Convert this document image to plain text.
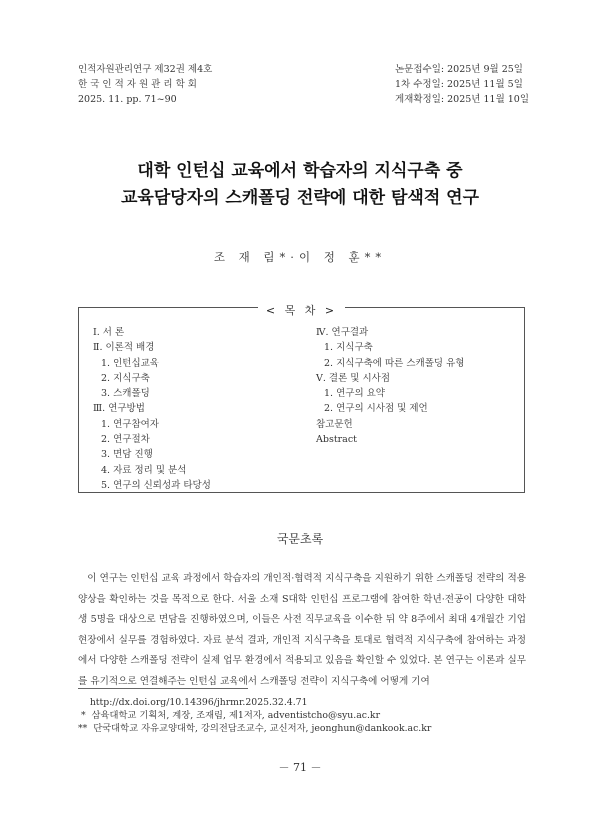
인적자원관리연구 제32권 제4호
한 국 인 적 자 원 관 리 학 회
2025. 11. pp. 71~90
논문접수일: 2025년 9월 25일
1차 수정일: 2025년 11월 5일
게재확정일: 2025년 11월 10일
대학 인턴십 교육에서 학습자의 지식구축 중
교육담당자의 스캐폴딩 전략에 대한 탐색적 연구
조 재 림*·이 정 훈**
< 목 차 >
Ⅰ. 서 론
Ⅱ. 이론적 배경
1. 인턴십교육
2. 지식구축
3. 스캐폴딩
Ⅲ. 연구방법
1. 연구참여자
2. 연구절차
3. 면담 진행
4. 자료 정리 및 분석
5. 연구의 신뢰성과 타당성
Ⅳ. 연구결과
1. 지식구축
2. 지식구축에 따른 스캐폴딩 유형
Ⅴ. 결론 및 시사점
1. 연구의 요약
2. 연구의 시사점 및 제언
참고문헌
Abstract
국문초록
이 연구는 인턴십 교육 과정에서 학습자의 개인적·협력적 지식구축을 지원하기 위한 스캐폴딩 전략의 적용 양상을 확인하는 것을 목적으로 한다. 서울 소재 S대학 인턴십 프로그램에 참여한 학년·전공이 다양한 대학생 5명을 대상으로 면담을 진행하였으며, 이들은 사전 직무교육을 이수한 뒤 약 8주에서 최대 4개월간 기업 현장에서 실무를 경험하였다. 자료 분석 결과, 개인적 지식구축을 토대로 협력적 지식구축에 참여하는 과정에서 다양한 스캐폴딩 전략이 실제 업무 환경에서 적용되고 있음을 확인할 수 있었다. 본 연구는 이론과 실무를 유기적으로 연결해주는 인턴십 교육에서 스캐폴딩 전략이 지식구축에 어떻게 기여
http://dx.doi.org/10.14396/jhrmr.2025.32.4.71
*  삼육대학교 기획처, 계장, 조재림, 제1저자, adventistcho@syu.ac.kr
**  단국대학교 자유교양대학, 강의전담조교수, 교신저자, jeonghun@dankook.ac.kr
－ 71 －
